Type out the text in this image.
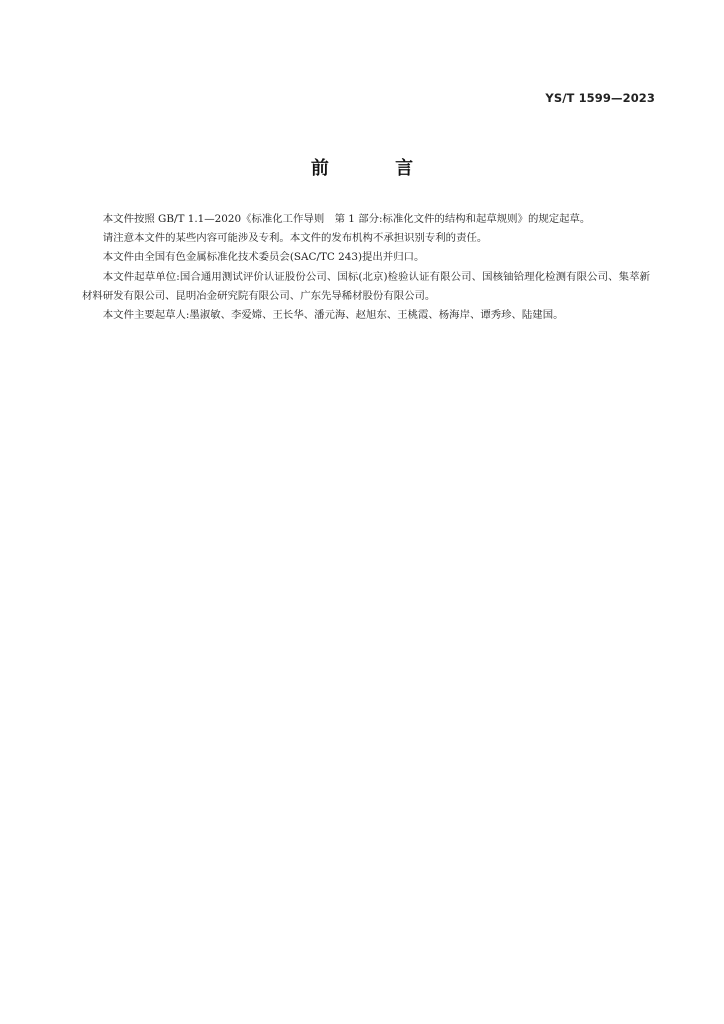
YS/T 1599—2023
前 言

本文件按照 GB/T 1.1—2020《标准化工作导则　第 1 部分:标准化文件的结构和起草规则》的规定起草。

请注意本文件的某些内容可能涉及专利。本文件的发布机构不承担识别专利的责任。

本文件由全国有色金属标准化技术委员会(SAC/TC 243)提出并归口。

本文件起草单位:国合通用测试评价认证股份公司、国标(北京)检验认证有限公司、国核铀铪理化检测有限公司、集萃新材料研发有限公司、昆明冶金研究院有限公司、广东先导稀材股份有限公司。

本文件主要起草人:墨淑敏、李爱嫦、王长华、潘元海、赵旭东、王桃霞、杨海岸、谭秀珍、陆建国。
